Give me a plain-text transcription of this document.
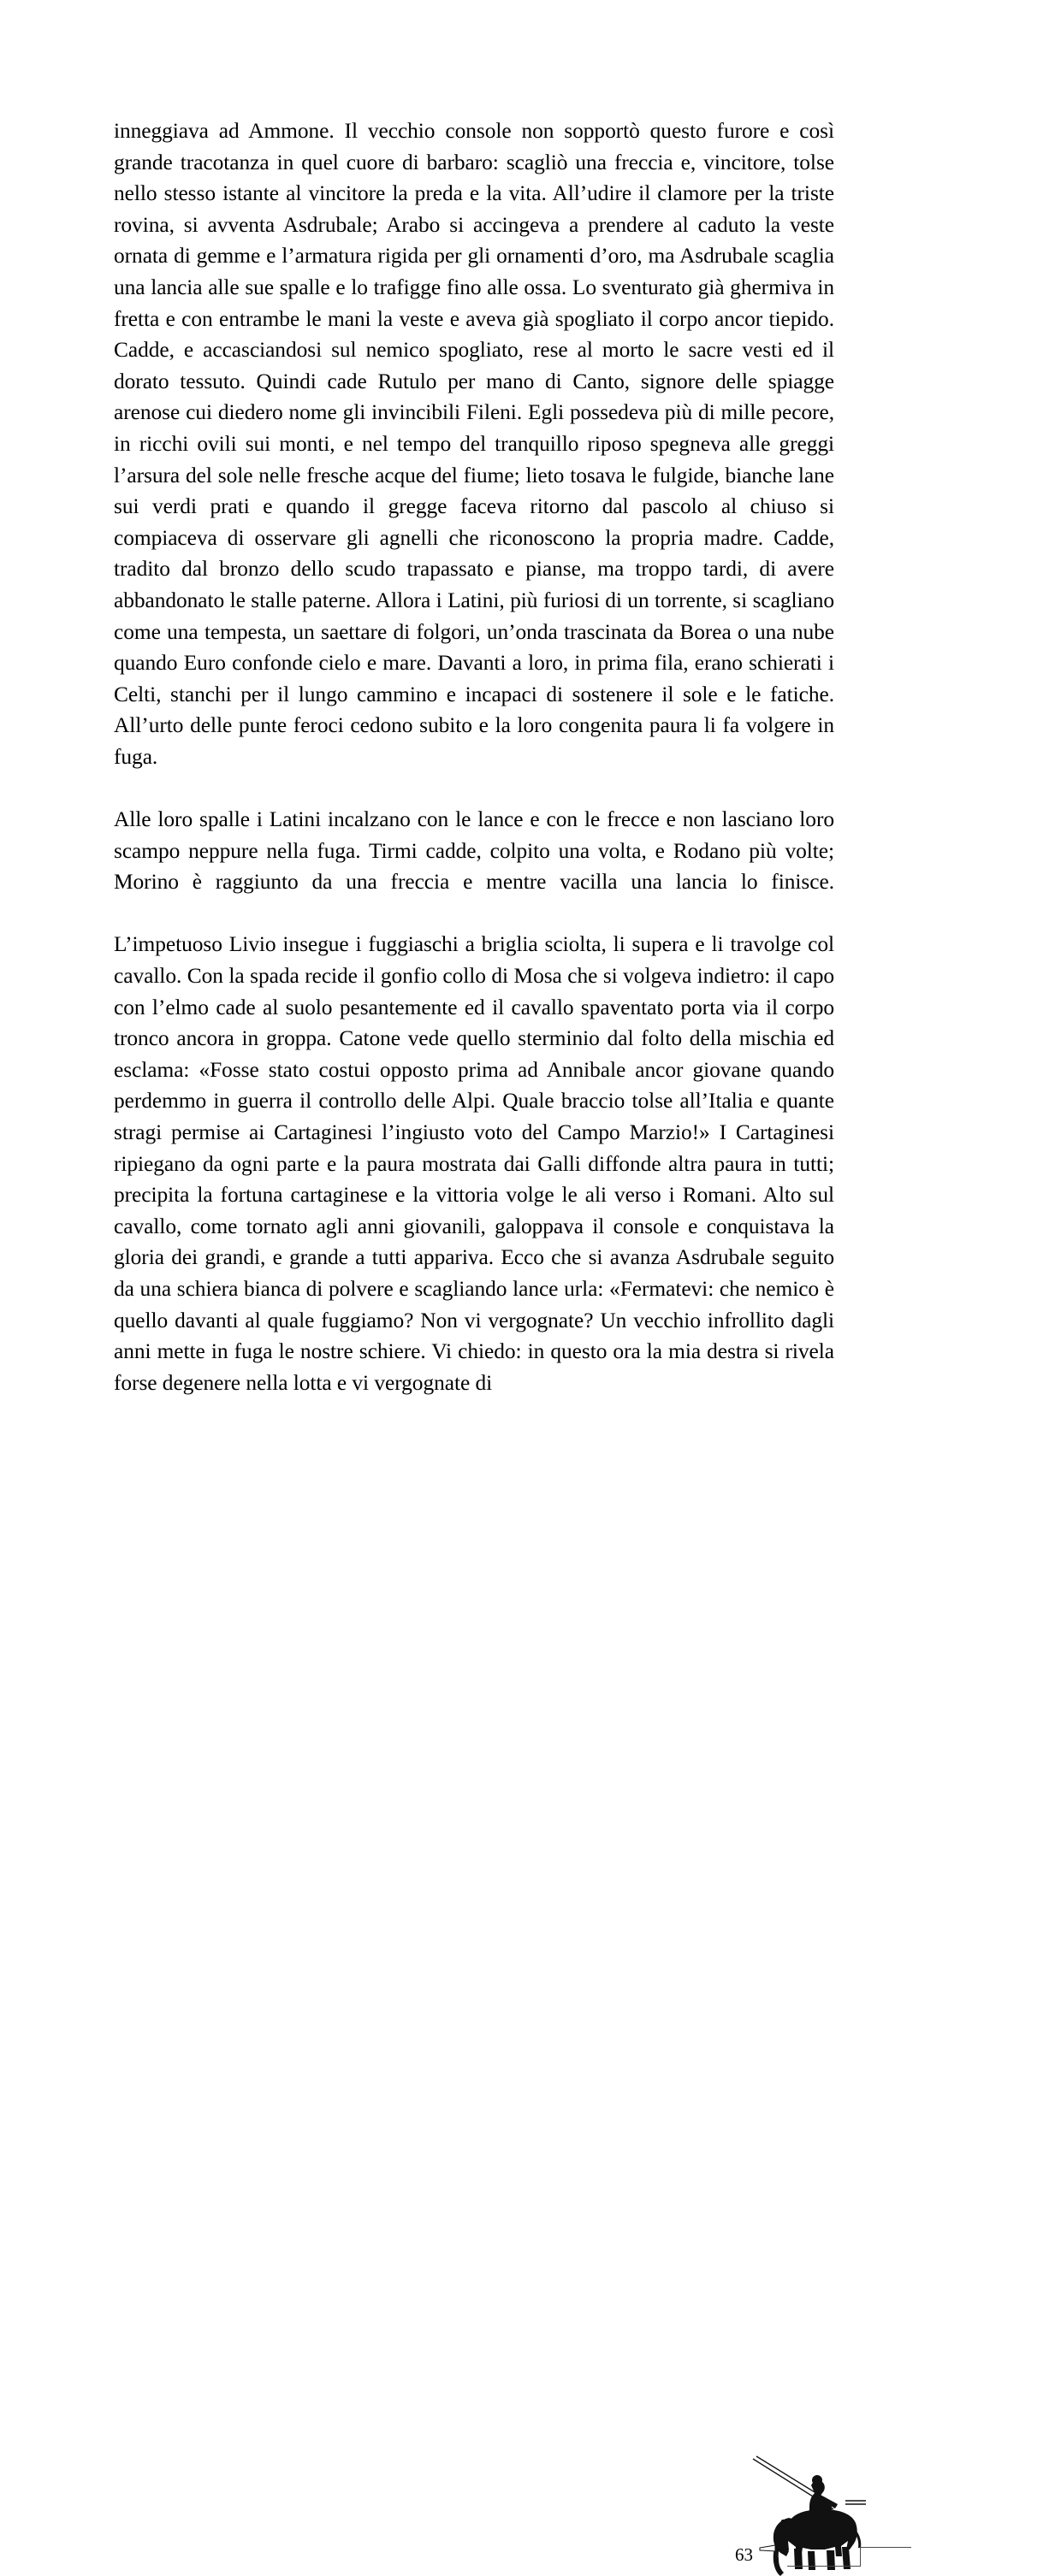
inneggiava ad Ammone. Il vecchio console non sopportò questo furore e così grande tracotanza in quel cuore di barbaro: scagliò una freccia e, vincitore, tolse nello stesso istante al vincitore la preda e la vita. All’udire il clamore per la triste rovina, si avventa Asdrubale; Arabo si accingeva a prendere al caduto la veste ornata di gemme e l’armatura rigida per gli ornamenti d’oro, ma Asdrubale scaglia una lancia alle sue spalle e lo trafigge fino alle ossa. Lo sventurato già ghermiva in fretta e con entrambe le mani la veste e aveva già spogliato il corpo ancor tiepido. Cadde, e accasciandosi sul nemico spogliato, rese al morto le sacre vesti ed il dorato tessuto. Quindi cade Rutulo per mano di Canto, signore delle spiagge arenose cui diedero nome gli invincibili Fileni. Egli possedeva più di mille pecore, in ricchi ovili sui monti, e nel tempo del tranquillo riposo spegneva alle greggi l’arsura del sole nelle fresche acque del fiume; lieto tosava le fulgide, bianche lane sui verdi prati e quando il gregge faceva ritorno dal pascolo al chiuso si compiaceva di osservare gli agnelli che riconoscono la propria madre. Cadde, tradito dal bronzo dello scudo trapassato e pianse, ma troppo tardi, di avere abbandonato le stalle paterne. Allora i Latini, più furiosi di un torrente, si scagliano come una tempesta, un saettare di folgori, un’onda trascinata da Borea o una nube quando Euro confonde cielo e mare. Davanti a loro, in prima fila, erano schierati i Celti, stanchi per il lungo cammino e incapaci di sostenere il sole e le fatiche. All’urto delle punte feroci cedono subito e la loro congenita paura li fa volgere in fuga.

Alle loro spalle i Latini incalzano con le lance e con le frecce e non lasciano loro scampo neppure nella fuga. Tirmi cadde, colpito una volta, e Rodano più volte; Morino è raggiunto da una freccia e mentre vacilla una lancia lo finisce.

L’impetuoso Livio insegue i fuggiaschi a briglia sciolta, li supera e li travolge col cavallo. Con la spada recide il gonfio collo di Mosa che si volgeva indietro: il capo con l’elmo cade al suolo pesantemente ed il cavallo spaventato porta via il corpo tronco ancora in groppa. Catone vede quello sterminio dal folto della mischia ed esclama: «Fosse stato costui opposto prima ad Annibale ancor giovane quando perdemmo in guerra il controllo delle Alpi. Quale braccio tolse all’Italia e quante stragi permise ai Cartaginesi l’ingiusto voto del Campo Marzio!» I Cartaginesi ripiegano da ogni parte e la paura mostrata dai Galli diffonde altra paura in tutti; precipita la fortuna cartaginese e la vittoria volge le ali verso i Romani. Alto sul cavallo, come tornato agli anni giovanili, galoppava il console e conquistava la gloria dei grandi, e grande a tutti appariva. Ecco che si avanza Asdrubale seguito da una schiera bianca di polvere e scagliando lance urla: «Fermatevi: che nemico è quello davanti al quale fuggiamo? Non vi vergognate? Un vecchio infrollito dagli anni mette in fuga le nostre schiere. Vi chiedo: in questo ora la mia destra si rivela forse degenere nella lotta e vi vergognate di

63
